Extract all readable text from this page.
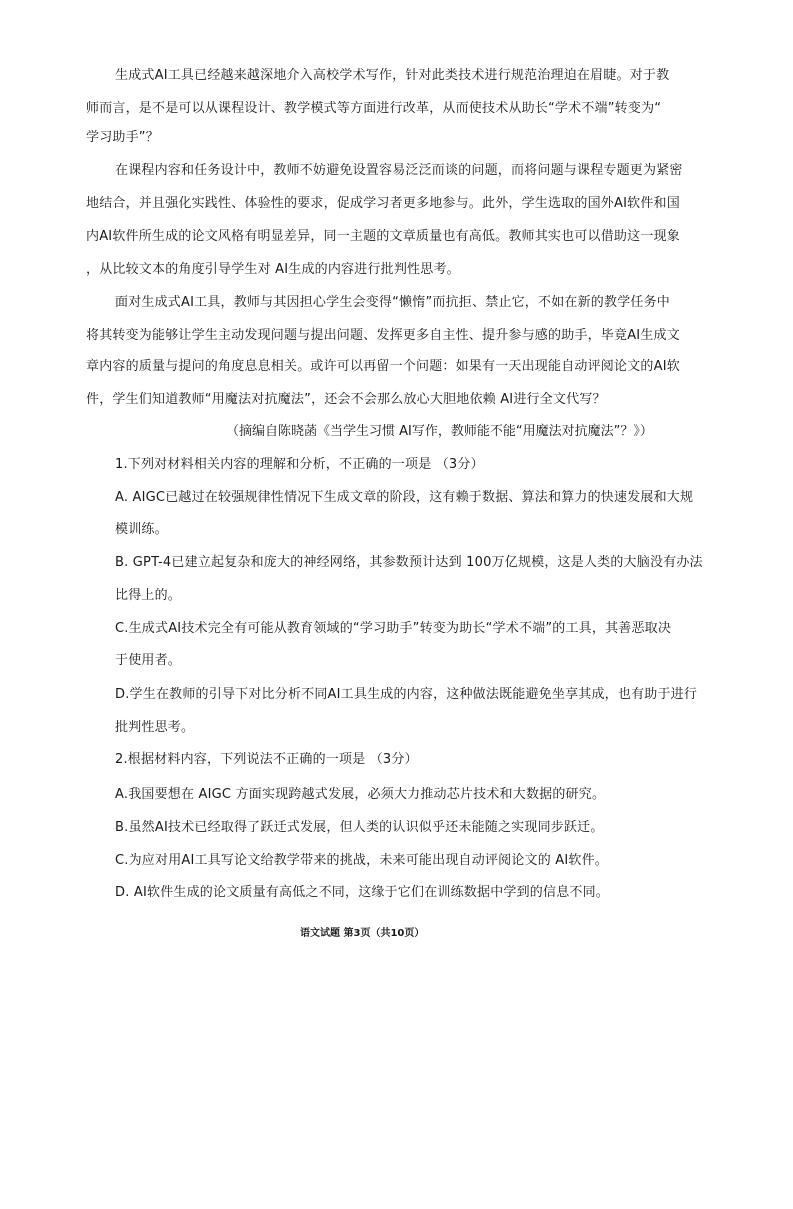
生成式AI工具已经越来越深地介入高校学术写作，针对此类技术进行规范治理迫在眉睫。对于教
师而言，是不是可以从课程设计、教学模式等方面进行改革，从而使技术从助长“学术不端”转变为“
学习助手”？
在课程内容和任务设计中，教师不妨避免设置容易泛泛而谈的问题，而将问题与课程专题更为紧密
地结合，并且强化实践性、体验性的要求，促成学习者更多地参与。此外，学生选取的国外AI软件和国
内AI软件所生成的论文风格有明显差异，同一主题的文章质量也有高低。教师其实也可以借助这一现象
，从比较文本的角度引导学生对 AI生成的内容进行批判性思考。
面对生成式AI工具，教师与其因担心学生会变得“懒惰”而抗拒、禁止它，不如在新的教学任务中
将其转变为能够让学生主动发现问题与提出问题、发挥更多自主性、提升参与感的助手，毕竟AI生成文
章内容的质量与提问的角度息息相关。或许可以再留一个问题：如果有一天出现能自动评阅论文的AI软
件，学生们知道教师“用魔法对抗魔法”，还会不会那么放心大胆地依赖 AI进行全文代写？
（摘编自陈晓菡《当学生习惯 AI写作，教师能不能“用魔法对抗魔法”？》）
1.下列对材料相关内容的理解和分析，不正确的一项是 （3分）
A. AIGC已越过在较强规律性情况下生成文章的阶段，这有赖于数据、算法和算力的快速发展和大规
模训练。
B. GPT-4已建立起复杂和庞大的神经网络，其参数预计达到 100万亿规模，这是人类的大脑没有办法
比得上的。
C.生成式AI技术完全有可能从教育领域的“学习助手”转变为助长“学术不端”的工具，其善恶取决
于使用者。
D.学生在教师的引导下对比分析不同AI工具生成的内容，这种做法既能避免坐享其成，也有助于进行
批判性思考。
2.根据材料内容，下列说法不正确的一项是 （3分）
A.我国要想在 AIGC 方面实现跨越式发展，必须大力推动芯片技术和大数据的研究。
B.虽然AI技术已经取得了跃迁式发展，但人类的认识似乎还未能随之实现同步跃迁。
C.为应对用AI工具写论文给教学带来的挑战，未来可能出现自动评阅论文的 AI软件。
D. AI软件生成的论文质量有高低之不同，这缘于它们在训练数据中学到的信息不同。
语文试题 第3页（共10页）
